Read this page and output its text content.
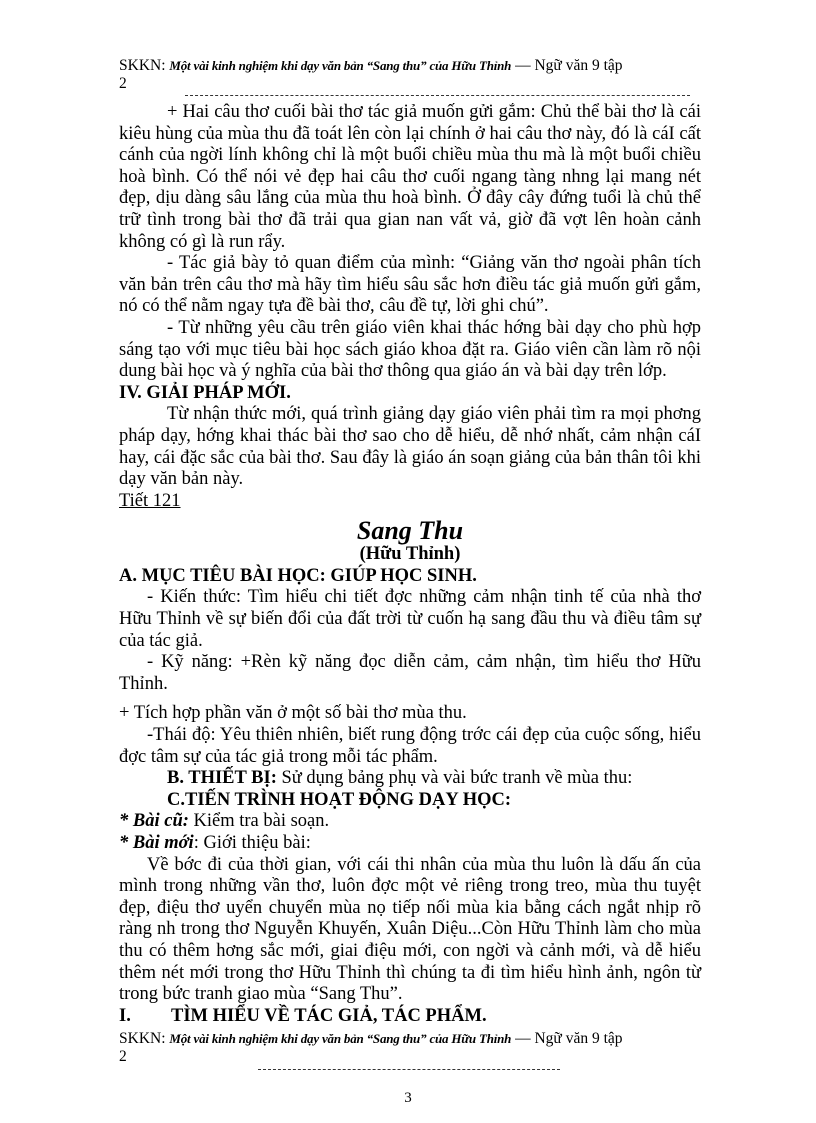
SKKN: Một vài kinh nghiệm khi dạy văn bản “Sang thu” của Hữu Thỉnh — Ngữ văn 9 tập
2

+ Hai câu thơ cuối bài thơ tác giả muốn gửi gắm: Chủ thể bài thơ là cái kiêu hùng của mùa thu đã toát lên còn lại chính ở hai câu thơ này, đó là cáI cất cánh của ngời lính không chỉ là một buổi chiều mùa thu mà là một buổi chiều hoà bình. Có thể nói vẻ đẹp hai câu thơ cuối ngang tàng nhng lại mang nét đẹp, dịu dàng sâu lắng của mùa thu hoà bình. Ở đây cây đứng tuổi là chủ thể trữ tình trong bài thơ đã trải qua gian nan vất vả, giờ đã vợt lên hoàn cảnh không có gì là run rẩy.

- Tác giả bày tỏ quan điểm của mình: “Giảng văn thơ ngoài phân tích văn bản trên câu thơ mà hãy tìm hiểu sâu sắc hơn điều tác giả muốn gửi gắm, nó có thể nằm ngay tựa đề bài thơ, câu đề tự, lời ghi chú”.

- Từ những yêu cầu trên giáo viên khai thác hớng bài dạy cho phù hợp sáng tạo với mục tiêu bài học sách giáo khoa đặt ra. Giáo viên cần làm rõ nội dung bài học và ý nghĩa của bài thơ thông qua giáo án và bài dạy trên lớp.

IV. GIẢI PHÁP MỚI.

Từ nhận thức mới, quá trình giảng dạy giáo viên phải tìm ra mọi phơng pháp dạy, hớng khai thác bài thơ sao cho dễ hiểu, dễ nhớ nhất, cảm nhận cáI hay, cái đặc sắc của bài thơ. Sau đây là giáo án soạn giảng của bản thân tôi khi dạy văn bản này.

Tiết 121

Sang Thu

(Hữu Thỉnh)

A. MỤC TIÊU BÀI HỌC: GIÚP HỌC SINH.

- Kiến thức: Tìm hiểu chi tiết đợc những cảm nhận tinh tế của nhà thơ Hữu Thỉnh về sự biến đổi của đất trời từ cuốn hạ sang đầu thu và điều tâm sự của tác giả.

- Kỹ năng: +Rèn kỹ năng đọc diễn cảm, cảm nhận, tìm hiểu thơ Hữu Thỉnh.

+ Tích hợp phần văn ở một số bài thơ mùa thu.

-Thái độ: Yêu thiên nhiên, biết rung động trớc cái đẹp của cuộc sống, hiểu đợc tâm sự của tác giả trong mỗi tác phẩm.

B. THIẾT BỊ: Sử dụng bảng phụ và vài bức tranh về mùa thu:

C.TIẾN TRÌNH HOẠT ĐỘNG DẠY HỌC:

* Bài cũ: Kiểm tra bài soạn.

* Bài mới: Giới thiệu bài:

Về bớc đi của thời gian, với cái thi nhân của mùa thu luôn là dấu ấn của mình trong những vần thơ, luôn đợc một vẻ riêng trong treo, mùa thu tuyệt đẹp, điệu thơ uyển chuyển mùa nọ tiếp nối mùa kia bằng cách ngắt nhịp rõ ràng nh trong thơ Nguyễn Khuyến, Xuân Diệu...Còn Hữu Thỉnh làm cho mùa thu có thêm hơng sắc mới, giai điệu mới, con ngời và cảnh mới, và dễ hiểu thêm nét mới trong thơ Hữu Thỉnh thì chúng ta đi tìm hiểu hình ảnh, ngôn từ trong bức tranh giao mùa “Sang Thu”.

I. TÌM HIỂU VỀ TÁC GIẢ, TÁC PHẨM.

SKKN: Một vài kinh nghiệm khi dạy văn bản “Sang thu” của Hữu Thỉnh — Ngữ văn 9 tập
2
3
